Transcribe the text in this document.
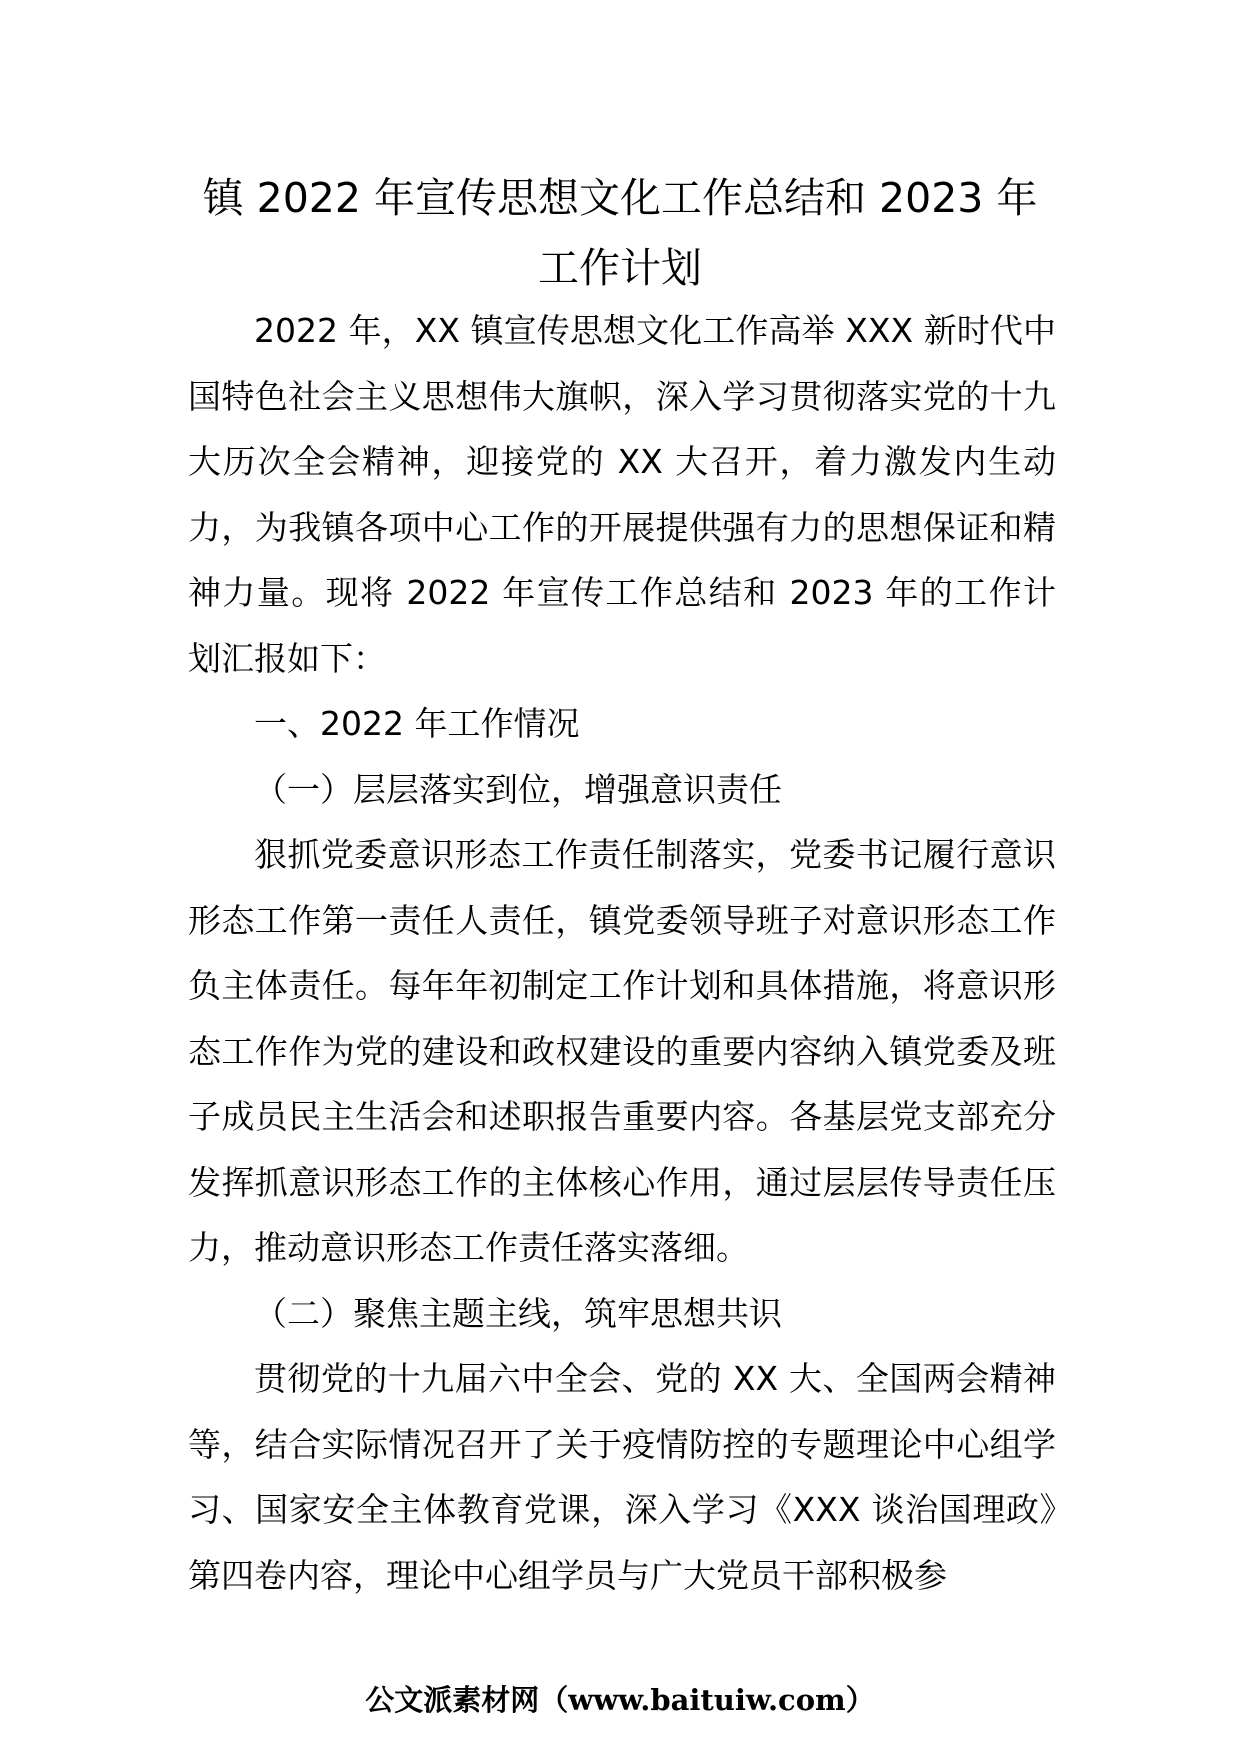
镇 2022 年宣传思想文化工作总结和 2023 年
工作计划

2022 年，XX 镇宣传思想文化工作高举 XXX 新时代中国特色社会主义思想伟大旗帜，深入学习贯彻落实党的十九大历次全会精神，迎接党的 XX 大召开，着力激发内生动力，为我镇各项中心工作的开展提供强有力的思想保证和精神力量。现将 2022 年宣传工作总结和 2023 年的工作计划汇报如下：

一、2022 年工作情况

（一）层层落实到位，增强意识责任

狠抓党委意识形态工作责任制落实，党委书记履行意识形态工作第一责任人责任，镇党委领导班子对意识形态工作负主体责任。每年年初制定工作计划和具体措施，将意识形态工作作为党的建设和政权建设的重要内容纳入镇党委及班子成员民主生活会和述职报告重要内容。各基层党支部充分发挥抓意识形态工作的主体核心作用，通过层层传导责任压力，推动意识形态工作责任落实落细。

（二）聚焦主题主线，筑牢思想共识

贯彻党的十九届六中全会、党的 XX 大、全国两会精神等，结合实际情况召开了关于疫情防控的专题理论中心组学习、国家安全主体教育党课，深入学习《XXX 谈治国理政》第四卷内容，理论中心组学员与广大党员干部积极参

公文派素材网（www.baituiw.com）
